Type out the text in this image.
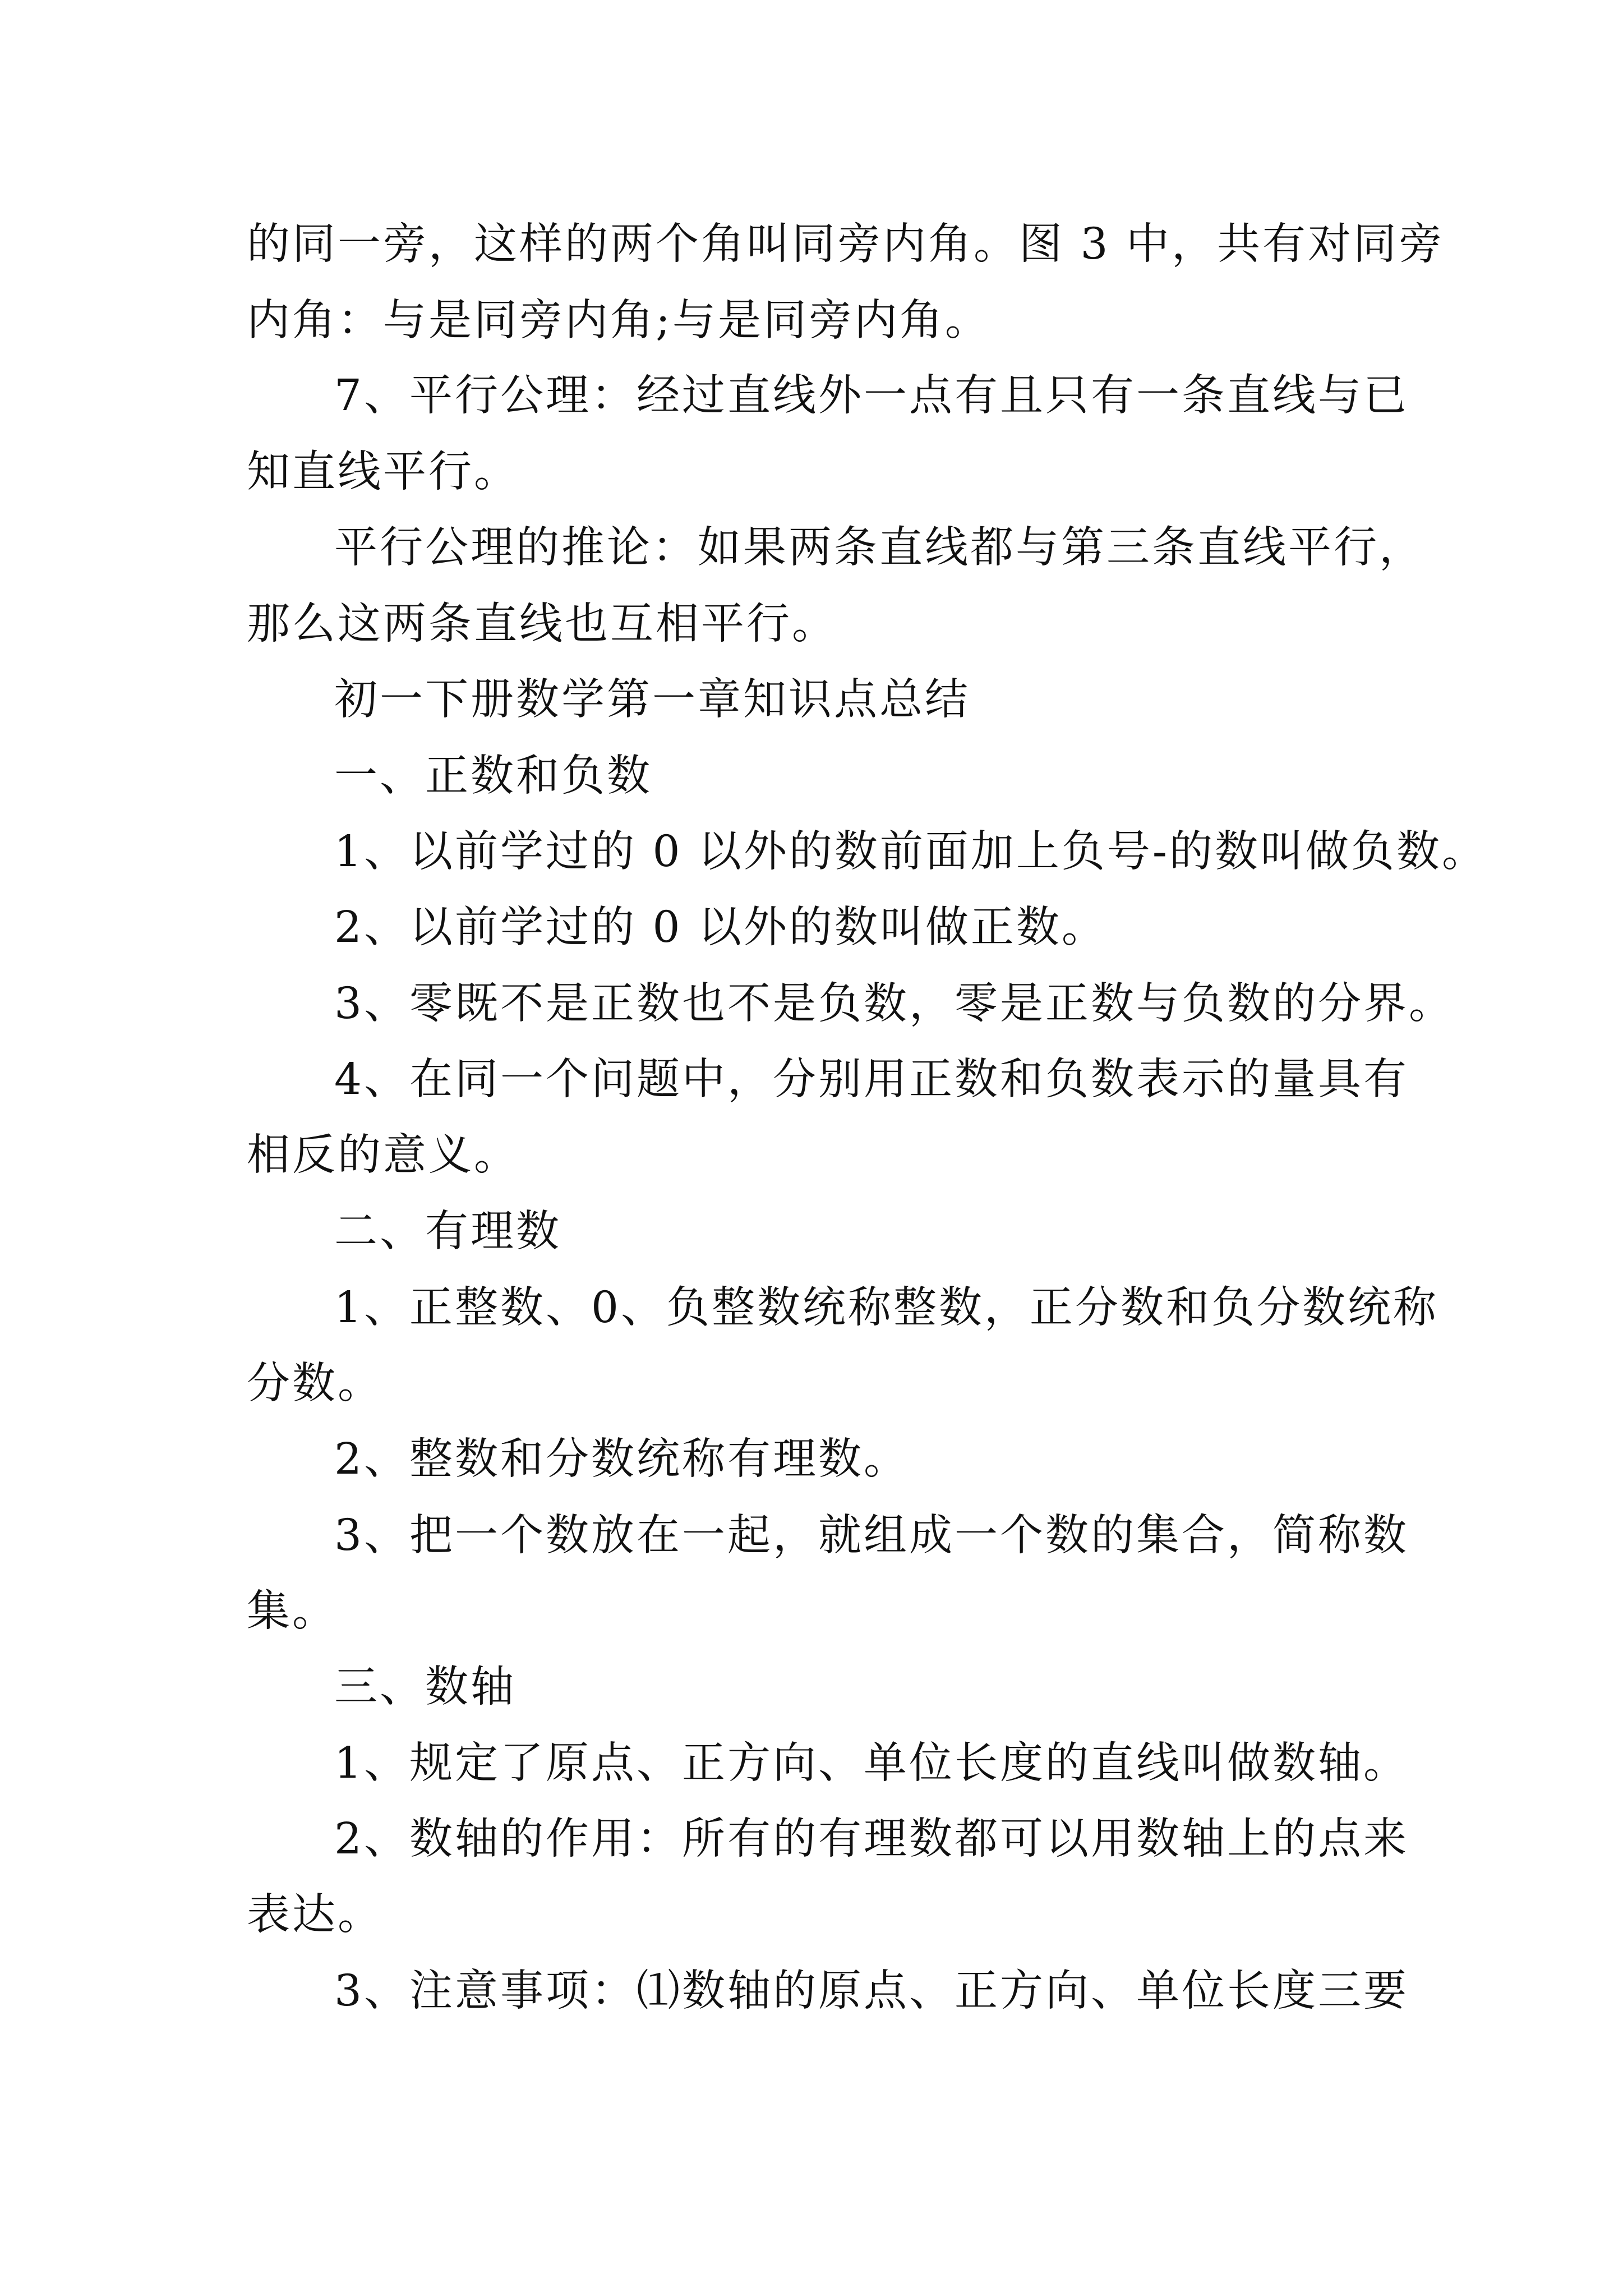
的同一旁，这样的两个角叫同旁内角。图 3 中，共有对同旁
内角：与是同旁内角;与是同旁内角。
7、平行公理：经过直线外一点有且只有一条直线与已
知直线平行。
平行公理的推论：如果两条直线都与第三条直线平行，
那么这两条直线也互相平行。
初一下册数学第一章知识点总结
一、正数和负数
1、以前学过的 0 以外的数前面加上负号-的数叫做负数。
2、以前学过的 0 以外的数叫做正数。
3、零既不是正数也不是负数，零是正数与负数的分界。
4、在同一个问题中，分别用正数和负数表示的量具有
相反的意义。
二、有理数
1、正整数、0、负整数统称整数，正分数和负分数统称
分数。
2、整数和分数统称有理数。
3、把一个数放在一起，就组成一个数的集合，简称数
集。
三、数轴
1、规定了原点、正方向、单位长度的直线叫做数轴。
2、数轴的作用：所有的有理数都可以用数轴上的点来
表达。
3、注意事项：⑴数轴的原点、正方向、单位长度三要
